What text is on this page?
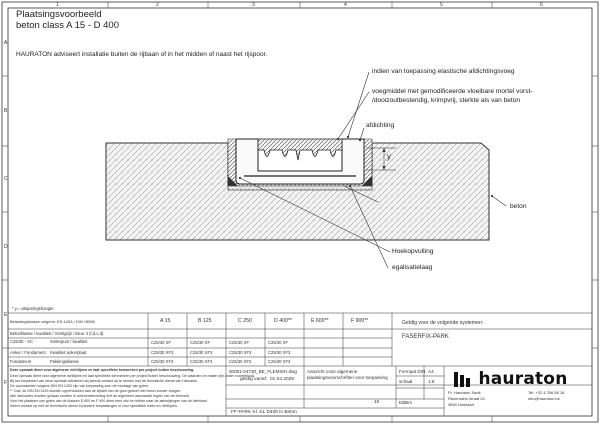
1	2	3	4	5	6
A
B
C
D
E
F
Plaatsingsvoorbeeld
beton class A 15 - D 400
HAURATON adviseert installatie buiten de rijbaan of in het midden of naast het rijspoor.
indien van toepassing elastische afdichtingsvoeg
voegmiddel met gemodificeerde vloeibare mortel vorst-
/dooizoutbestendig, krimpvrij, sterkte als van beton
afdichting
y
beton
Hoekopvulling
egalisatielaag
* y= uitsparingshoogte
Belastingsklasse volgens: EN 1433 / DIN 19580	A 15	B 125	C 250	D 400**	E 600**	F 900**
Betonklasse / kwaliteit / Vorstgrijs / kleur 4 (f,d,c,d)
C25/30 - XC	Sinterpunt / kwaliteit
Anker / Fundament Kwaliteit ankerplaat
Fundament	Pakkingsklasse
C25/30 XF	C25/30 XF	C25/30 XF	C25/30 XF
C25/30 XF3	C25/30 XF3	C25/30 XF3	C25/30 XF3
C25/30 XF3	C25/30 XF3	C25/30 XF3	C25/30 XF3
Geldig voor de volgende systemen:
FASERFIX-PARK
Deze opmaak dient voor algemene richtlijnen en laat specifieke kenmerken per project buiten beschouwing.
Deze opmaak dient voor algemene richtlijnen en laat specifieke kenmerken per project buiten beschouwing. De waarden en maten zijn onder voorbehoud.
Bij het toepassen van deze opmaak adviseren wij steeds contact op te nemen met de technische dienst van Hauraton.
De voorwaarden volgens DIN EN 1433 zijn van toepassing voor de montage van goten.
** Ook, de DIN EN 1433 worden oppervlakken aan de zijkant van de goot gestort met beton zonder voegen.
Alle instructies moeten gedaan worden in overeenstemming met de algemeen aanvaarde regels van de techniek.
Voor het plaatsen van goten van de klassen E 600 en F 900 dient men zich te richten naar de aanwijzingen van de fabrikant.
Neem contact op met de technische dienst bij andere toepassingen of voor specifieke eisen en richtlijnen.
geldig vanaf: 01.04.2025
00001-04730_BE_FLEMISH.dwg Aanzicht onze algemene
plaatsingsvoorschriften voor toepassing
10
FF-PARK Kl. KL D400 in Beton
Formaat DIN A4
schaal	1:8
EBBm
hauraton
Pr. Hauraton Sarik
Ravenstein straat 24
4840 Hoeilaart
Tel: +32 4 256 56 18
info@hauraton.be
